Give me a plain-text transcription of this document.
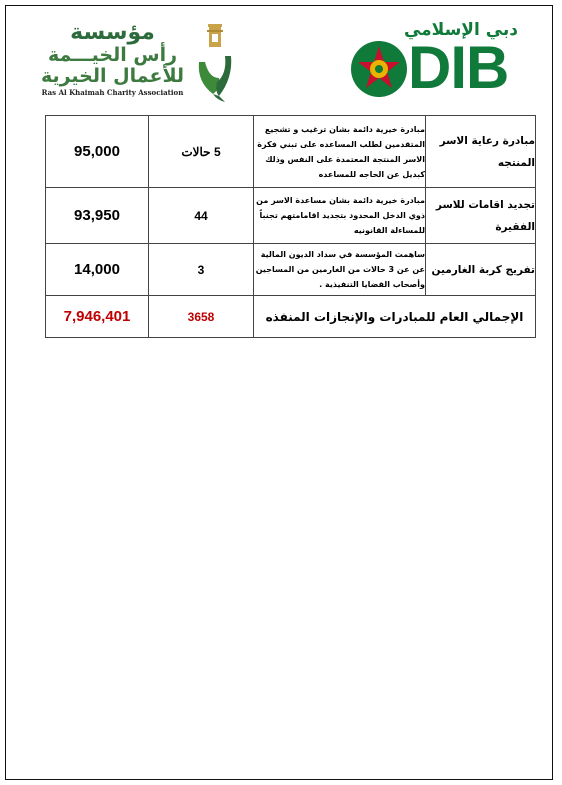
مؤسسة
رأس الخيـــمة
للأعمال الخيرية
Ras Al Khaimah Charity Association
دبي الإسلامي
DIB
95,000	5 حالات	مبادرة خيرية دائمة بشان ترغيب و تشجيع المتقدمين لطلب المساعده على تبني فكرة الاسر المنتجة المعتمدة على النفس وذلك كبديل عن الحاجه للمساعده	مبادرة رعاية الاسر المنتجه
93,950	44	مبادرة خيرية دائمة بشان مساعدة الاسر من ذوي الدخل المحدود بتجديد اقامامتهم تجنباً للمساءلة القانونيه	تجديد اقامات للاسر الفقيرة
14,000	3	ساهمت المؤسسة في سداد الديون المالية عن عن 3 حالات من الغارمين من المساجين وأصحاب القضايا التنفيذية .	تفريج كربة الغارمين
7,946,401	3658	الإجمالي العام للمبادرات والإنجازات المنفذه	
